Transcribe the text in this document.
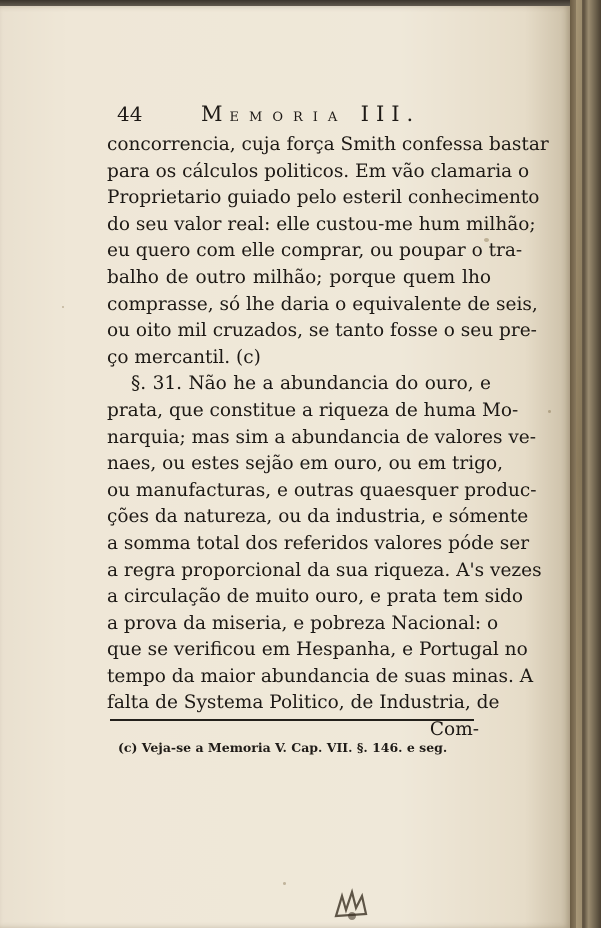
44	MEMORIA III.
concorrencia, cuja força Smith confessa bastar
para os cálculos politicos. Em vão clamaria o
Proprietario guiado pelo esteril conhecimento
do seu valor real: elle custou-me hum milhão;
eu quero com elle comprar, ou poupar o tra-
balho de outro milhão; porque quem lho
comprasse, só lhe daria o equivalente de seis,
ou oito mil cruzados, se tanto fosse o seu pre-
ço mercantil. (c)
§. 31. Não he a abundancia do ouro, e
prata, que constitue a riqueza de huma Mo-
narquia; mas sim a abundancia de valores ve-
naes, ou estes sejão em ouro, ou em trigo,
ou manufacturas, e outras quaesquer produc-
ções da natureza, ou da industria, e sómente
a somma total dos referidos valores póde ser
a regra proporcional da sua riqueza. A's vezes
a circulação de muito ouro, e prata tem sido
a prova da miseria, e pobreza Nacional: o
que se verificou em Hespanha, e Portugal no
tempo da maior abundancia de suas minas. A
falta de Systema Politico, de Industria, de
Com-
(c) Veja-se a Memoria V. Cap. VII. §. 146. e seg.
